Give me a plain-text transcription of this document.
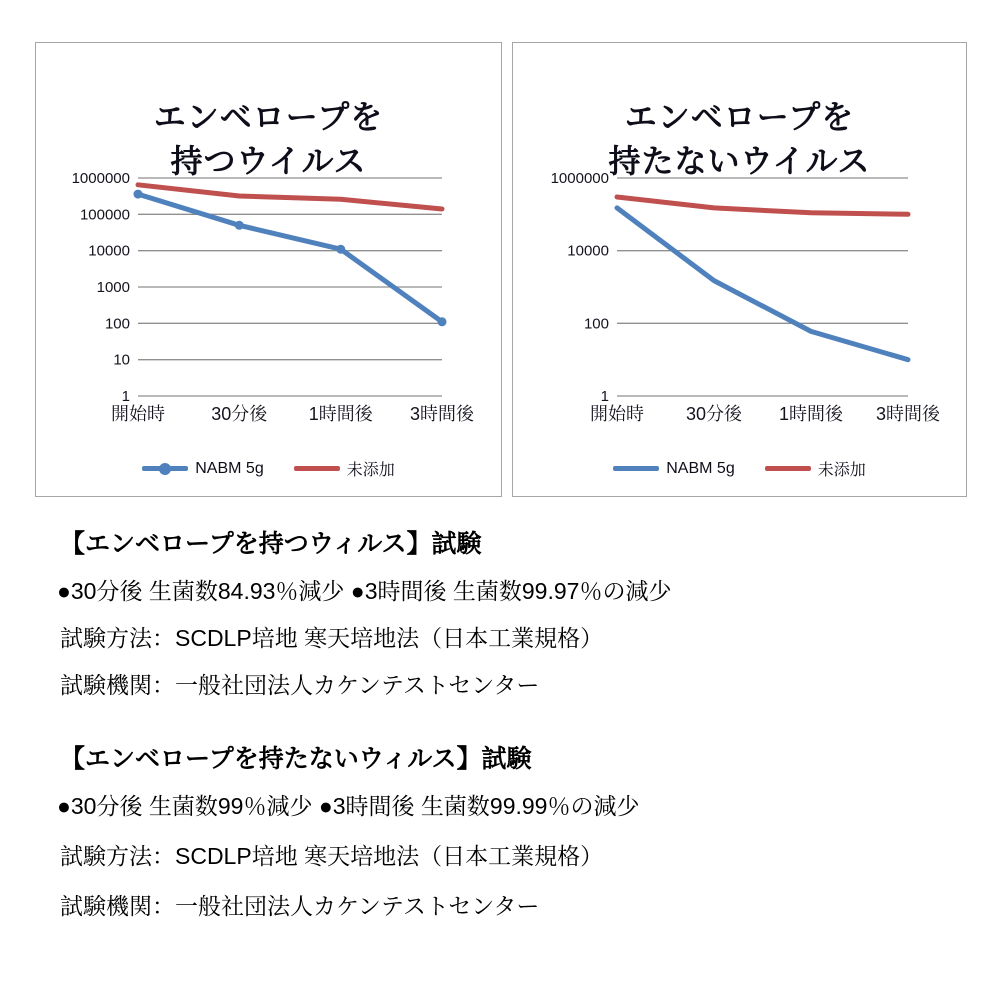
1000000
100000
10000
1000
100
10
1
開始時	30分後 1時間後 3時間後
エンベロープを
持つウイルス
NABM 5g	未添加
1000000
10000
100
1
開始時 30分後 1時間後 3時間後
エンベロープを
持たないウイルス
NABM 5g	未添加
【エンベロープを持つウィルス】試験
●30分後 生菌数84.93％減少 ●3時間後 生菌数99.97％の減少
試験方法：SCDLP培地 寒天培地法（日本工業規格）
試験機関：一般社団法人カケンテストセンター
【エンベロープを持たないウィルス】試験
●30分後 生菌数99％減少 ●3時間後 生菌数99.99％の減少
試験方法：SCDLP培地 寒天培地法（日本工業規格）
試験機関：一般社団法人カケンテストセンター
